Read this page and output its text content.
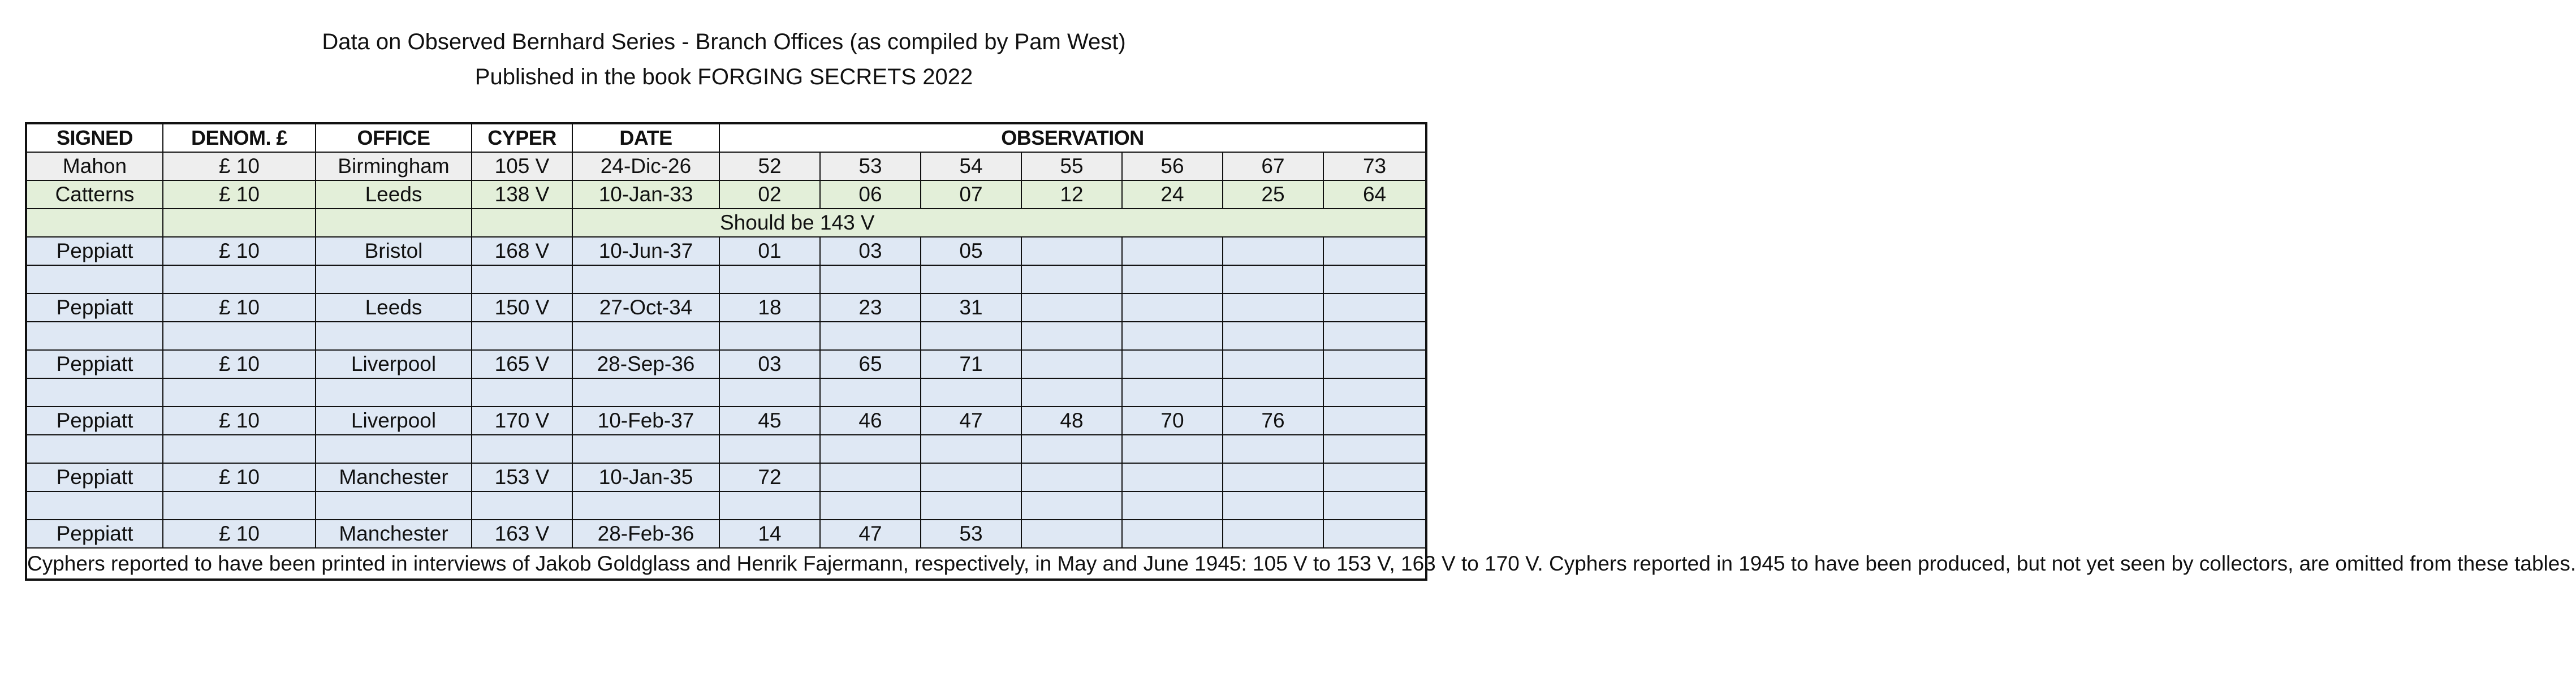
Data on Observed Bernhard Series - Branch Offices (as compiled by Pam West)
Published in the book FORGING SECRETS 2022
SIGNED	DENOM. £	OFFICE	CYPER	DATE	OBSERVATION						
Mahon	£ 10	Birmingham	105 V	24-Dic-26	52	53	54	55	56	67	73
Catterns	£ 10	Leeds	138 V	10-Jan-33	02	06	07	12	24	25	64
				Should be 143 V							
Peppiatt	£ 10	Bristol	168 V	10-Jun-37	01	03	05				

Peppiatt	£ 10	Leeds	150 V	27-Oct-34	18	23	31				

Peppiatt	£ 10	Liverpool	165 V	28-Sep-36	03	65	71				

Peppiatt	£ 10	Liverpool	170 V	10-Feb-37	45	46	47	48	70	76	

Peppiatt	£ 10	Manchester	153 V	10-Jan-35	72						

Peppiatt	£ 10	Manchester	163 V	28-Feb-36	14	47	53				
Cyphers reported to have been printed in interviews of Jakob Goldglass and Henrik Fajermann, respectively, in May and June 1945: 105 V to 153 V, 163 V to 170 V. Cyphers reported in 1945 to have been produced, but not yet seen by collectors, are omitted from these tables.											
